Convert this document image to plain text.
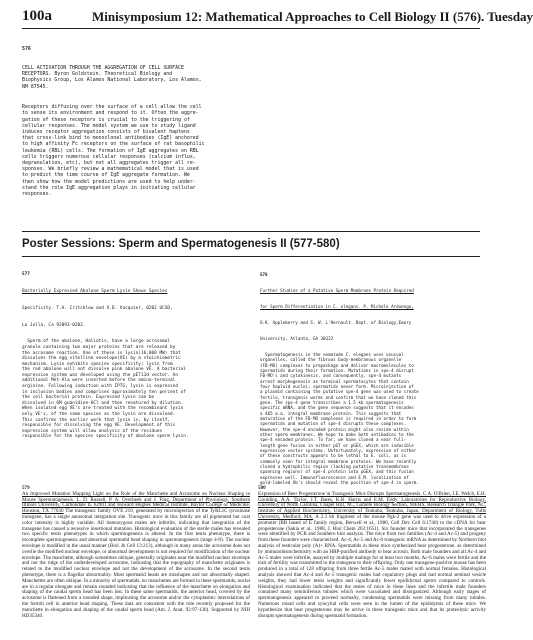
100a	Minisymposium 12: Mathematical Approaches to Cell Biology II (576). Tuesday

576

CELL ACTIVATION THROUGH THE AGGREGATION OF CELL SURFACE
RECEPTORS. Byron Goldstein. Theoretical Biology and
Biophysics Group, Los Alamos National Laboratory, Los Alamos,
NM 87545.

Receptors diffusing over the surface of a cell allow the cell
to sense its environment and respond to it. Often the aggre-
gation of these receptors is crucial to the triggering of
cellular responses. The model system we use to study ligand
induces receptor aggregation consists of bivalent haptens
that cross-link bind to monoclonal antibodies (IgE) anchored
to high affinity Fc receptors on the surface of rat basophilic
leukemia (RBL) cells. The formation of IgE aggregates on RBL
cells triggers numerous cellular responses (calcium influx,
degranulation, etc), but not all aggregates trigger all re-
sponses. We briefly review a mathematical model that is used
to predict the time course of IgE aggregate formation. We
then show how the model predictions are used to help under-
stand the role IgE aggregation plays in initiating cellular
responses.

Poster Sessions: Sperm and Spermatogenesis II (577-580)

577

Bacterially Expressed Abalone Sperm Lysin Shows Species

Specificity. T.A. Critchlow and V.D. Vacquier, 0202 UCSD,

La Jolla, Ca 92093-0202.

Sperm of the abalone, Haliotis, have a large acrosomal
granule containing two major proteins that are released by
the acrosome reaction. One of these is lysin(16,000 MW) that
dissolves the egg vitelline envelope(VE) by a stoichiometric
mechanism. Lysin exhibits species specificity; lysin from
the red abalone will not dissolve pink abalone VE. A bacterial
expression system was developed using the pET11d vector. An
additional Met-Ala were inserted before the amino-terminal
arginine. Following induction with IPTG, lysin is expressed
in inclusion bodies and comprises approximately ten percent of
the cell bacterial protein. Expressed lysin can be
dissolved in 6M guanidine-HCl and then renatured by dilution.
When isolated egg VE's are treated with the recombinant lysin
only VE's, of the same species as the lysin are dissolved.
This confirms the earlier work that lysin is, by itself,
responsible for dissolving the egg VE. Development of this
expression system will allow analysis of the residues
responsible for the species specificity of abalone sperm lysin.

578

Further Studies of a Putative Sperm Membrane Protein Required

for Sperm Differentiation in C. elegans. P. Michele Arduengo,

O.K. Appleberry and S. W. L'Hernault. Dept. of Biology,Emory

University, Atlanta, GA 30322

Spermatogenesis in the nematode C. elegans uses unusual
organelles, called the fibrous body-membranous organelle
(FB-MO) complexes to prepackage and deliver macromolecules to
spermatids during their formation. Mutations in spe-4 disrupt
FB-MO's and cytokinesis, and consequently, spe-4 mutants
arrest morphogenesis as terminal spermatocytes that contain
four haploid nuclei; spermatids never form. Microinjection of
a plasmid containing the putative spe-4 gene was used to create
fertile, transgenic worms and confirm that we have cloned this
gene. The spe-4 gene transcribes a 1.5 kb spermatogenesis
specific mRNA, and the gene sequence suggests that it encodes
a 465 a.a. integral membrane protein. This suggests that
maturation of the FB-MO complexes is required in order to form
spermatids and mutation of spe-4 disrupts these complexes.
However, the spe-4 encoded protein might also reside within
other sperm membranes. We hope to make both antibodies to the
spe-4 encoded protein. To far, we have cloned a near full-
length gene fusion in either pGT or pGEX, which are inducible
expression vector systems. Unfortunately, expression of either
of these constructs appears to be lethal to E. coli, as is
commonly seen for integral membrane proteins. We have recently
cloned a hydrophilic region (lacking putative transmembrane
spanning regions) of spe-4 protein into pGEX, and this fusion
expresses well. Immunofluorescence and E.M. localization of
gold-labeled Ab's should reveal the position of spe-4 in sperm.

579
An Improved Mutation Mapping Light on the Role of the Manchette and Acrosome on Nucleus Shaping in Mouse Spermatogenesis. L. D. Russell, P. A. Overbeek and J. Fing, Department of Physiology, Southern Illinois University, Carbondale IL 62901 and Howard Hughes Medical Institute, Baylor College of Medicine, Houston, TX 77030 The transgenic family OVE 210, generated by microinjection of the TyRL1C tyrosinase transgene, has a single autosomal integration site. Transgenic mice in this family are all pigmented but coat color intensity is highly variable. All homozygous males are infertile, indicating that integration of the transgene has caused a recessive insertional mutation. Histological evaluation of the sterile males has revealed two specific testis phenotypes in which spermiogenesis is altered. In the first testis phenotype, there is incomplete spermiogenesis and abnormal spermatid head shaping in spermatogenesis (stage 4-8). The nuclear envelope is modified in the usual manner (Biol. & Cell 13:213), although in many areas the acrosome does not overlie the modified nuclear envelope, or abnormal development is not required for modification of the nuclear envelope. The manchette, although sometimes oblique, generally originates near the modified nuclear envelope and not the ridge of the underdeveloped acrosome, indicating that the topography of manchette originates is related to the modified nuclear envelope and not the development of the acrosome. In the second testis phenotype, there is a flagellar abnormality. Most spermatid heads are misshapen and not abnormally shaped. Manchettes are often oblique. In a minority of spermatids, no manchettes are formed in these spermatids, nuclei are in a regular elongate and remain rounded indicating that the influence of the manchette on elongation and shaping of the caudal sperm head has been lost. In these same spermatids, the anterior head, covered by the acrosome is flattened from a rounded shape, implicating the acrosome and/or the cytoplasmic interrelations of the Sertoli cell in anterior head shaping. These data are consistent with the role recently proposed for the manchette in elongation and shaping of the caudal sperm head (Am. J. Anat. 92:97-130). Supported by NIH HD35340.
580
Expression of Beer Progesterone in Transgenic Mice Disrupts Spermatogenesis. C.A. O'Brien, J.E. Welch, E.H. Goulding, A.A. Taylor, J.T. Bates, K.B. Harris and E.M. Eddy. Laboratories for Reproductive Biology, University of North Carolina, Chapel Hill, NC, Gamete Biology Section, NIEHS, Research Triangle Park, NC, Institute of Applied Biochemistry, University of Tsukuba, Tsukuba, Japan, Department of Biology, Tufts University, Medford, MA. A 2.3 kb fragment of the mouse Pgk-2 gene was used to drive expression of a promoter (BB based of E family region, Berwell et al., 1986, Cell Dev Cell 6:1740) to the cDNA for bear progesterone (Sakia et al., 1988, J. Biol Chem 263:1651). Six founder mice that incorporated the transgenes were identified by PCR and Southern blot analysis. The mice from two families (Ac-4 and Ac-5) and progeny from these founders were characterized. Ac-4, Ac-5 and Ac-6 transgenic mRNA as determined by Northern blot analysis of testicular poly (A)+ RNA. Spermatids in these mice synthesized bear progesterone, as determined by immunohistochemistry with an HRP-purified antibody to bear acrosin. Both male founders and all Ac-4 and Ac-5 males were infertile, assayed by multiple matings for at least two months. Ac-6 males were fertile and the trait of fertility was transmitted to the transgene to their offspring. Only one transgene-positive mouse has been produced in a total of 128 offspring from three fertile Ac-5 males mated with normal females. Histological analysis showed that Ac-4 and Ac-5 transgenic males had copulatory plugs and had normal seminal vesicle weights, they had lower testis weights and significantly fewer epididymal sperm compared to controls. Histological examination indicated that the testes of mice in these lines and the infertile male founders contained many seminiferous tubules which were vacuolated and disorganized. Although early stages of spermatogenesis appeared to proceed normally, condensing spermatids were missing from many tubules. Numerous round cells and syncytial cells were seen in the lumen of the epididymis of these mice. We hypothesize that bear progesterone may be active in these transgenic mice and that its proteolytic activity disrupts spermatogenesis during spermatid formation.
